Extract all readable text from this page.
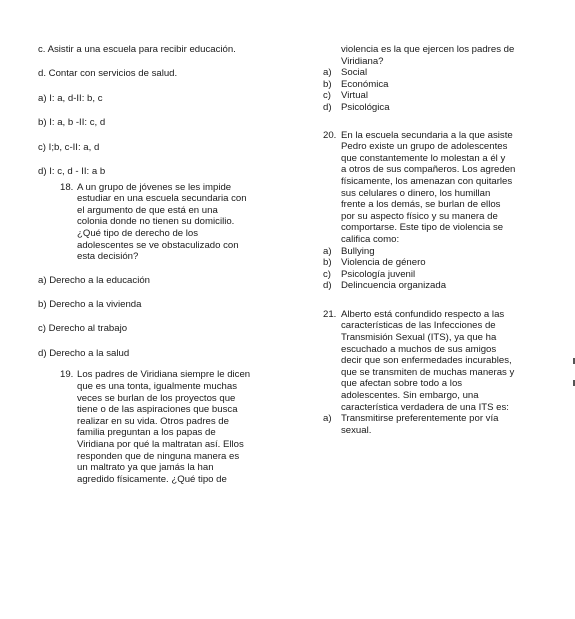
c. Asistir a una escuela para recibir educación.
d. Contar con servicios de salud.
a) I: a, d-II: b, c
b) I: a, b -II: c, d
c) I;b, c-II: a, d
d) I: c, d - II: a b
18. A un grupo de jóvenes se les impide
estudiar en una escuela secundaria con
el argumento de que está en una
colonia donde no tienen su domicilio.
¿Qué tipo de derecho de los
adolescentes se ve obstaculizado con
esta decisión?
a) Derecho a la educación
b) Derecho a la vivienda
c) Derecho al trabajo
d) Derecho a la salud
19. Los padres de Viridiana siempre le dicen
que es una tonta, igualmente muchas
veces se burlan de los proyectos que
tiene o de las aspiraciones que busca
realizar en su vida. Otros padres de
familia preguntan a los papas de
Viridiana por qué la maltratan así. Ellos
responden que de ninguna manera es
un maltrato ya que jamás la han
agredido físicamente. ¿Qué tipo de
violencia es la que ejercen los padres de
Viridiana?
a) Social
b) Económica
c)	Virtual
d) Psicológica
20. En la escuela secundaria a la que asiste
Pedro existe un grupo de adolescentes
que constantemente lo molestan a él y
a otros de sus compañeros. Los agreden
físicamente, los amenazan con quitarles
sus celulares o dinero, los humillan
frente a los demás, se burlan de ellos
por su aspecto físico y su manera de
comportarse. Este tipo de violencia se
califica como:
a) Bullying
b) Violencia de género
c)	Psicología juvenil
d) Delincuencia organizada
21. Alberto está confundido respecto a las
características de las Infecciones de
Transmisión Sexual (ITS), ya que ha
escuchado a muchos de sus amigos
decir que son enfermedades incurables,
que se transmiten de muchas maneras y
que afectan sobre todo a los
adolescentes. Sin embargo, una
característica verdadera de una ITS es:
a) Transmitirse preferentemente por vía
sexual.
